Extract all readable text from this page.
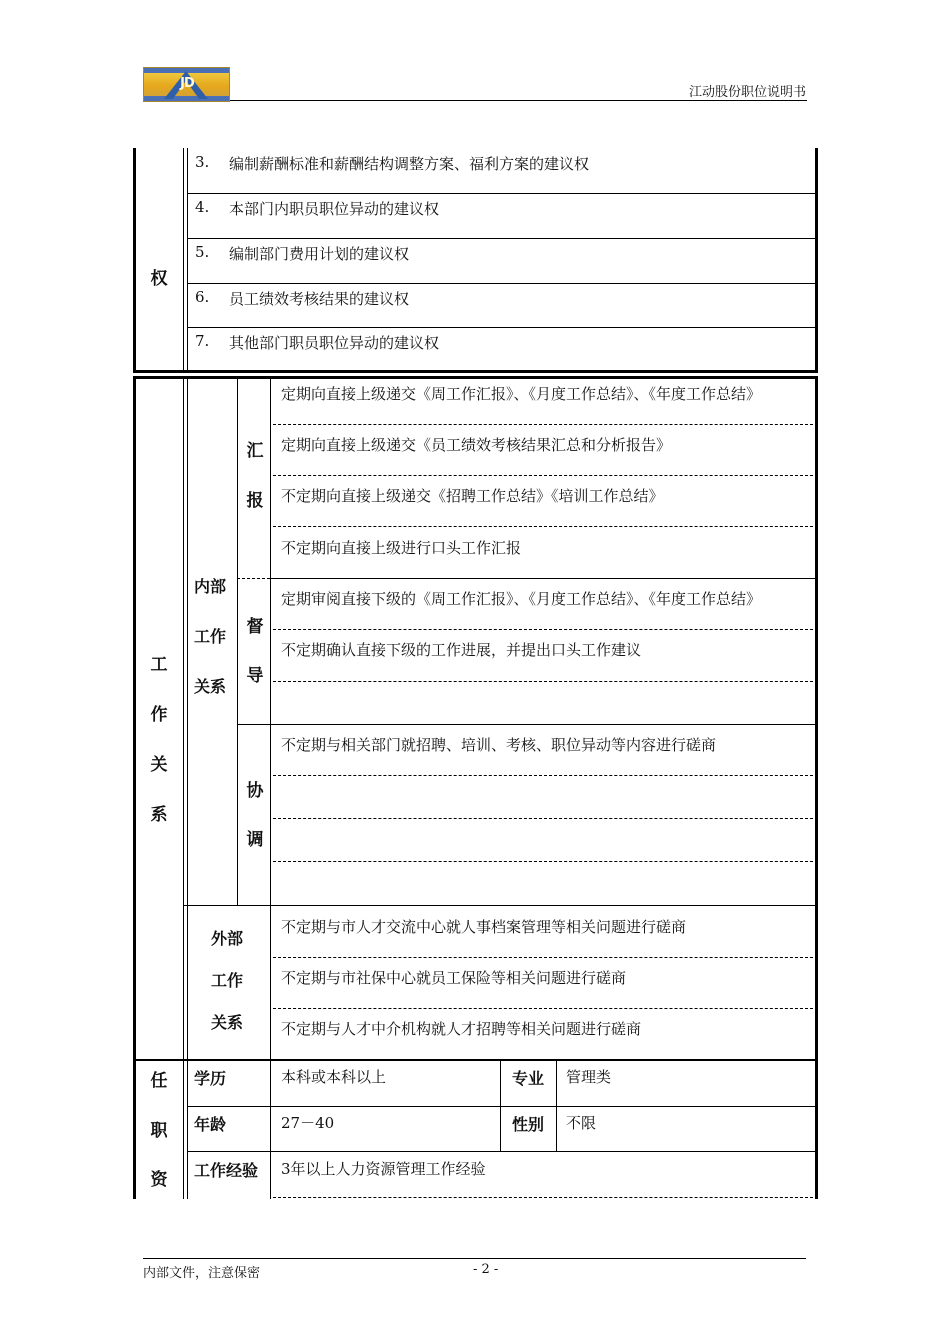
JD
江动股份职位说明书
权
3. 编制薪酬标准和薪酬结构调整方案、福利方案的建议权
4. 本部门内职员职位异动的建议权
5. 编制部门费用计划的建议权
6. 员工绩效考核结果的建议权
7. 其他部门职员职位异动的建议权
工
作
关
系
内部
工作
关系
汇
报
定期向直接上级递交《周工作汇报》、《月度工作总结》、《年度工作总结》
定期向直接上级递交《员工绩效考核结果汇总和分析报告》
不定期向直接上级递交《招聘工作总结》《培训工作总结》
不定期向直接上级进行口头工作汇报
督
导
定期审阅直接下级的《周工作汇报》、《月度工作总结》、《年度工作总结》
不定期确认直接下级的工作进展，并提出口头工作建议
协
调
不定期与相关部门就招聘、培训、考核、职位异动等内容进行磋商
外部
工作
关系
不定期与市人才交流中心就人事档案管理等相关问题进行磋商
不定期与市社保中心就员工保险等相关问题进行磋商
不定期与人才中介机构就人才招聘等相关问题进行磋商
任
职
资
学历	本科或本科以上	专业 管理类
年龄	27－40	性别 不限
工作经验 3年以上人力资源管理工作经验
内部文件，注意保密	- 2 -
